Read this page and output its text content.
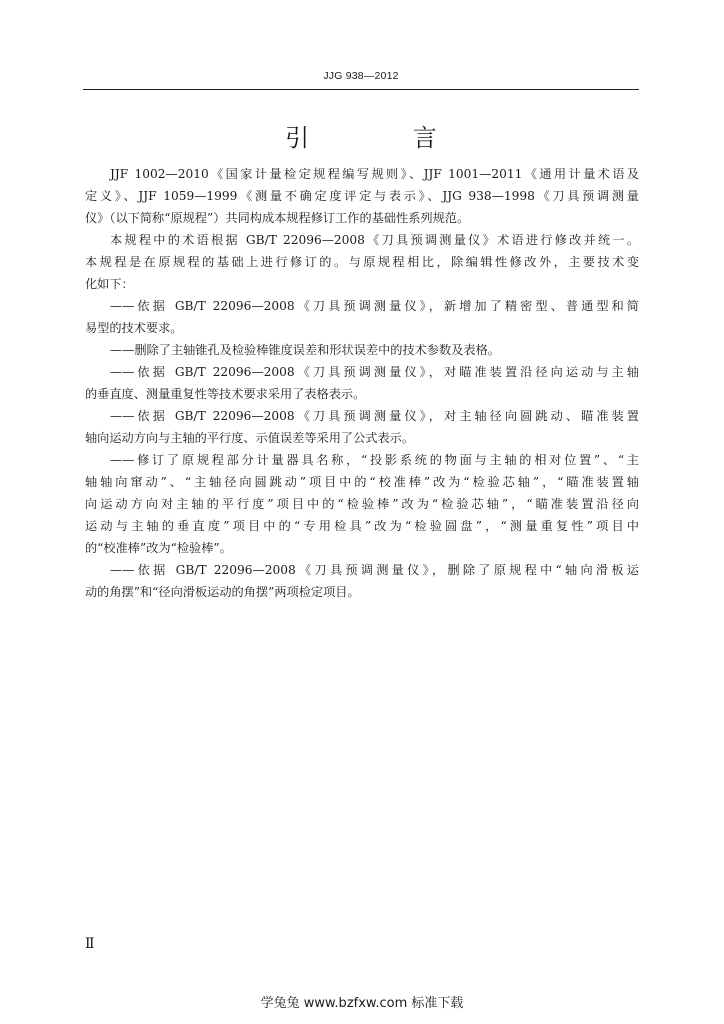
JJG 938—2012
引 言
JJF 1002—2010《国家计量检定规程编写规则》、JJF 1001—2011《通用计量术语及
定义》、JJF 1059—1999《测量不确定度评定与表示》、JJG 938—1998《刀具预调测量
仪》（以下简称“原规程”）共同构成本规程修订工作的基础性系列规范。
本规程中的术语根据 GB/T 22096—2008《刀具预调测量仪》术语进行修改并统一。
本规程是在原规程的基础上进行修订的。与原规程相比，除编辑性修改外，主要技术变
化如下：
——依据 GB/T 22096—2008《刀具预调测量仪》，新增加了精密型、普通型和简
易型的技术要求。
——删除了主轴锥孔及检验棒锥度误差和形状误差中的技术参数及表格。
——依据 GB/T 22096—2008《刀具预调测量仪》，对瞄准装置沿径向运动与主轴
的垂直度、测量重复性等技术要求采用了表格表示。
——依据 GB/T 22096—2008《刀具预调测量仪》，对主轴径向圆跳动、瞄准装置
轴向运动方向与主轴的平行度、示值误差等采用了公式表示。
——修订了原规程部分计量器具名称，“投影系统的物面与主轴的相对位置”、“主
轴轴向窜动”、“主轴径向圆跳动”项目中的“校准棒”改为“检验芯轴”，“瞄准装置轴
向运动方向对主轴的平行度”项目中的“检验棒”改为“检验芯轴”，“瞄准装置沿径向
运动与主轴的垂直度”项目中的“专用检具”改为“检验圆盘”，“测量重复性”项目中
的“校准棒”改为“检验棒”。
——依据 GB/T 22096—2008《刀具预调测量仪》，删除了原规程中“轴向滑板运
动的角摆”和“径向滑板运动的角摆”两项检定项目。
Ⅱ
学兔兔 www.bzfxw.com 标准下载
